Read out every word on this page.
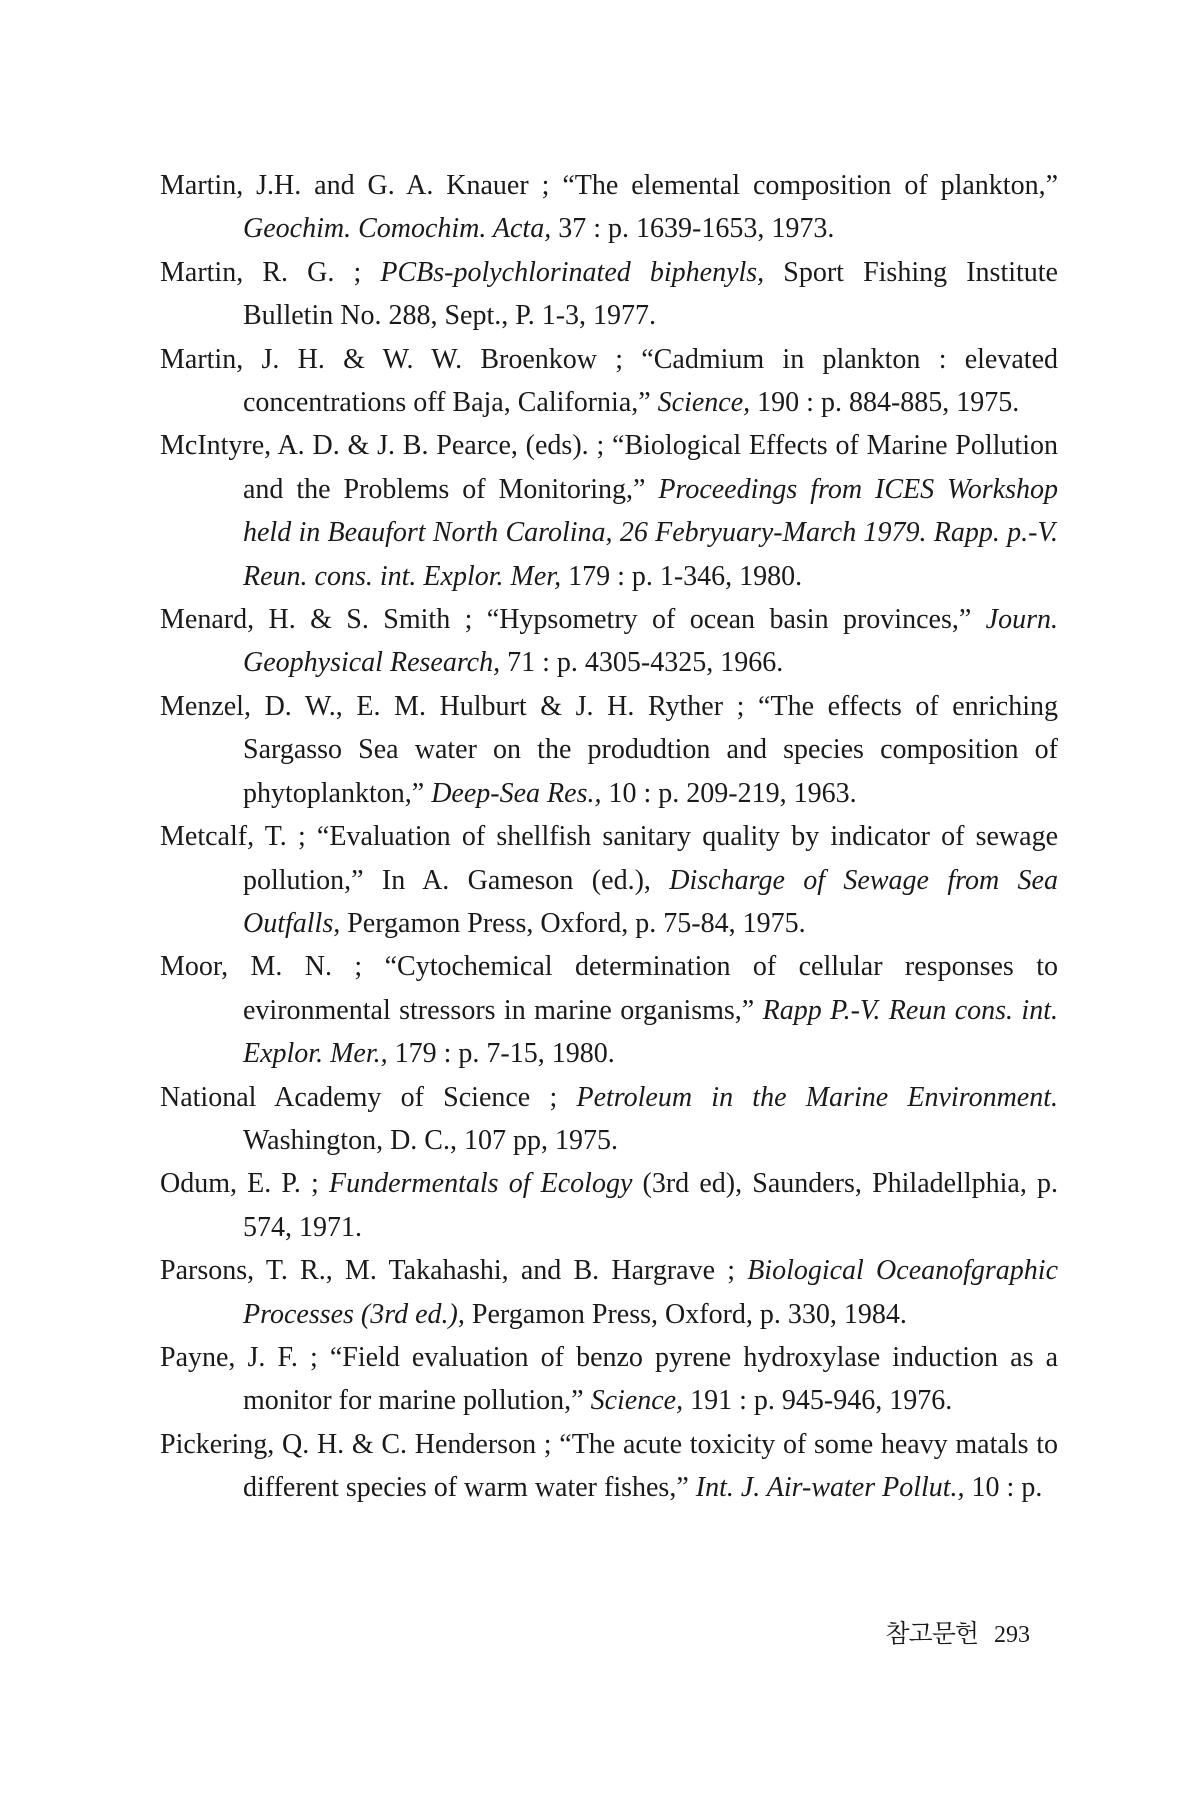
Martin, J.H. and G. A. Knauer ; “The elemental composition of plankton,” Geochim. Comochim. Acta, 37 : p. 1639-1653, 1973.
Martin, R. G. ; PCBs-polychlorinated biphenyls, Sport Fishing Institute Bulletin No. 288, Sept., P. 1-3, 1977.
Martin, J. H. & W. W. Broenkow ; “Cadmium in plankton : elevated concentrations off Baja, California,” Science, 190 : p. 884-885, 1975.
McIntyre, A. D. & J. B. Pearce, (eds). ; “Biological Effects of Marine Pollution and the Problems of Monitoring,” Proceedings from ICES Workshop held in Beaufort North Carolina, 26 Febryuary-March 1979. Rapp. p.-V. Reun. cons. int. Explor. Mer, 179 : p. 1-346, 1980.
Menard, H. & S. Smith ; “Hypsometry of ocean basin provinces,” Journ. Geophysical Research, 71 : p. 4305-4325, 1966.
Menzel, D. W., E. M. Hulburt & J. H. Ryther ; “The effects of enriching Sargasso Sea water on the produdtion and species composition of phytoplankton,” Deep-Sea Res., 10 : p. 209-219, 1963.
Metcalf, T. ; “Evaluation of shellfish sanitary quality by indicator of sewage pollution,” In A. Gameson (ed.), Discharge of Sewage from Sea Outfalls, Pergamon Press, Oxford, p. 75-84, 1975.
Moor, M. N. ; “Cytochemical determination of cellular responses to evironmental stressors in marine organisms,” Rapp P.-V. Reun cons. int. Explor. Mer., 179 : p. 7-15, 1980.
National Academy of Science ; Petroleum in the Marine Environment. Washington, D. C., 107 pp, 1975.
Odum, E. P. ; Fundermentals of Ecology (3rd ed), Saunders, Philadellphia, p. 574, 1971.
Parsons, T. R., M. Takahashi, and B. Hargrave ; Biological Oceanofgraphic Processes (3rd ed.), Pergamon Press, Oxford, p. 330, 1984.
Payne, J. F. ; “Field evaluation of benzo pyrene hydroxylase induction as a monitor for marine pollution,” Science, 191 : p. 945-946, 1976.
Pickering, Q. H. & C. Henderson ; “The acute toxicity of some heavy matals to different species of warm water fishes,” Int. J. Air-water Pollut., 10 : p.
참고문헌 293
